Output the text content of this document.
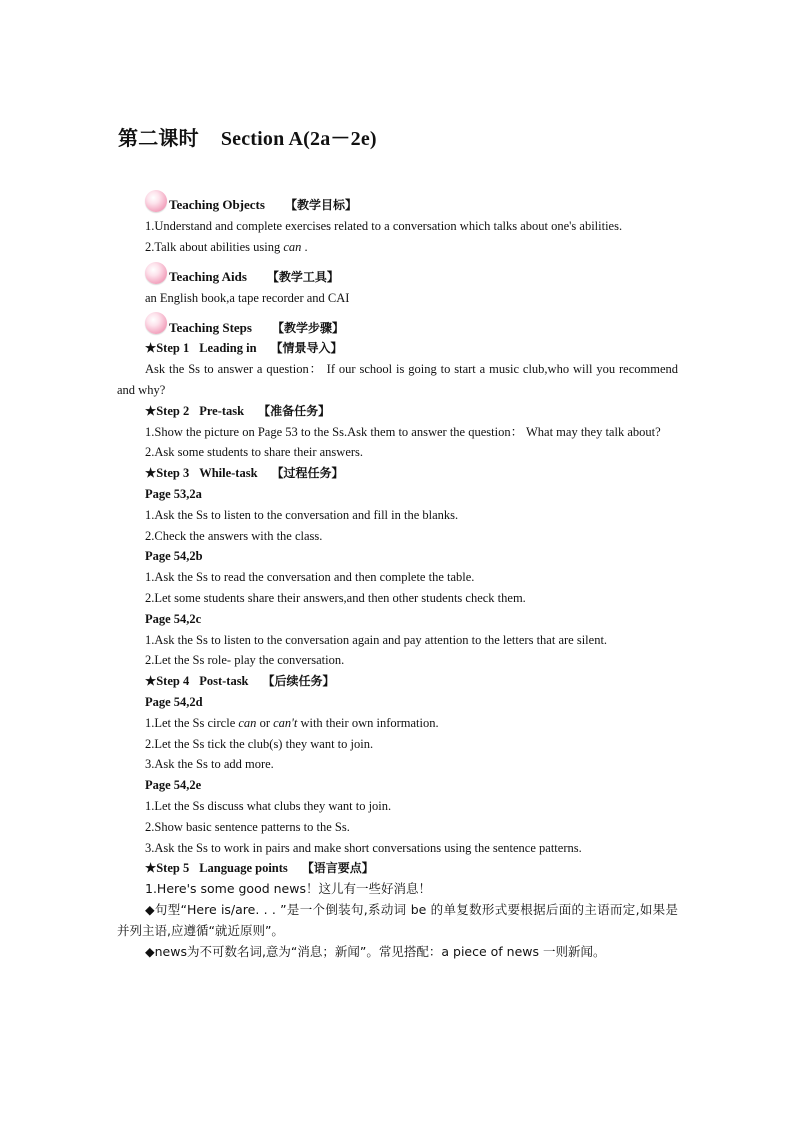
第二课时 Section A(2a－2e)
Teaching Objects 【教学目标】

1.Understand and complete exercises related to a conversation which talks about one's abilities.

2.Talk about abilities using can .

Teaching Aids 【教学工具】

an English book,a tape recorder and CAI

Teaching Steps 【教学步骤】
★Step 1 Leading in 【情景导入】

Ask the Ss to answer a question： If our school is going to start a music club,who will you recommend and why?

★Step 2 Pre-task 【准备任务】

1.Show the picture on Page 53 to the Ss.Ask them to answer the question： What may they talk about?

2.Ask some students to share their answers.

★Step 3 While-task 【过程任务】
Page 53,2a

1.Ask the Ss to listen to the conversation and fill in the blanks.

2.Check the answers with the class.

Page 54,2b

1.Ask the Ss to read the conversation and then complete the table.

2.Let some students share their answers,and then other students check them.

Page 54,2c

1.Ask the Ss to listen to the conversation again and pay attention to the letters that are silent.

2.Let the Ss role- play the conversation.

★Step 4 Post-task 【后续任务】
Page 54,2d

1.Let the Ss circle can or can't with their own information.

2.Let the Ss tick the club(s) they want to join.

3.Ask the Ss to add more.

Page 54,2e

1.Let the Ss discuss what clubs they want to join.

2.Show basic sentence patterns to the Ss.

3.Ask the Ss to work in pairs and make short conversations using the sentence patterns.

★Step 5 Language points 【语言要点】

1.Here's some good news！这儿有一些好消息！

◆句型“Here is/are. . . ”是一个倒装句,系动词 be 的单复数形式要根据后面的主语而定,如果是并列主语,应遵循“就近原则”。

◆news为不可数名词,意为“消息；新闻”。常见搭配：a piece of news 一则新闻。
